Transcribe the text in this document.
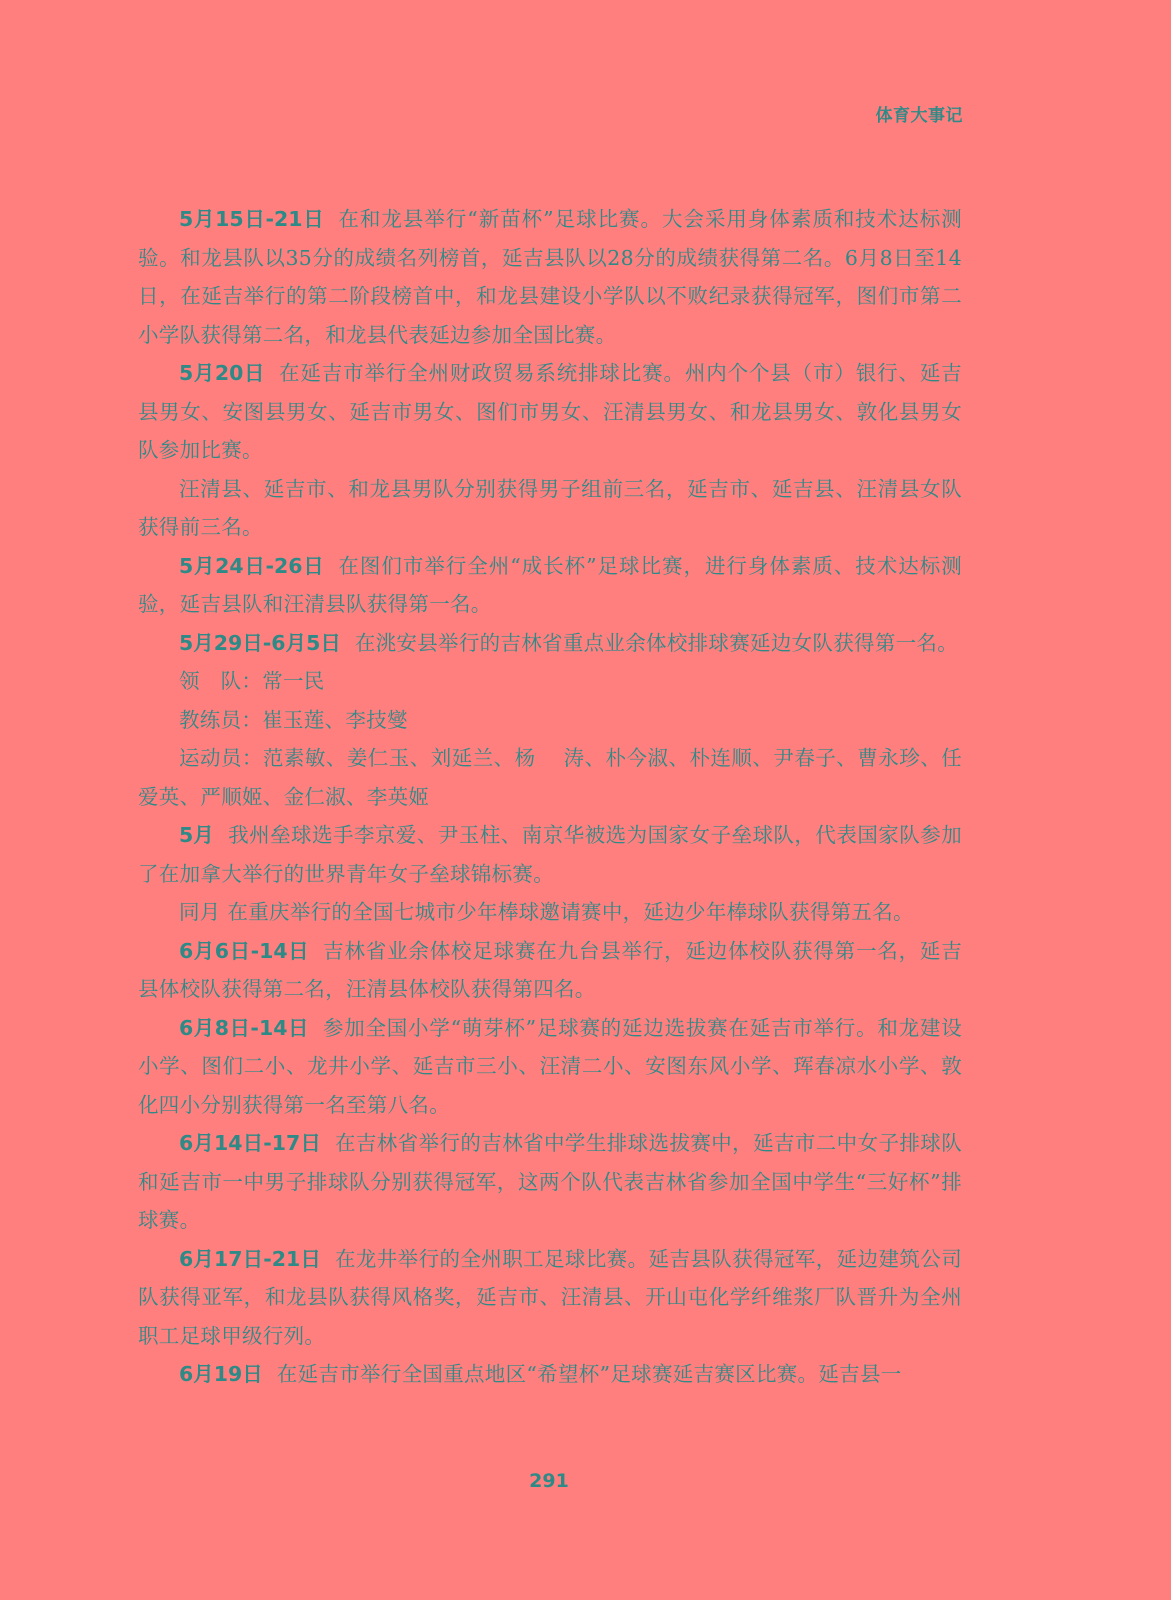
体育大事记

5月15日-21日 在和龙县举行“新苗杯”足球比赛。大会采用身体素质和技术达标测验。和龙县队以35分的成绩名列榜首，延吉县队以28分的成绩获得第二名。6月8日至14日，在延吉举行的第二阶段榜首中，和龙县建设小学队以不败纪录获得冠军，图们市第二小学队获得第二名，和龙县代表延边参加全国比赛。

5月20日 在延吉市举行全州财政贸易系统排球比赛。州内个个县（市）银行、延吉县男女、安图县男女、延吉市男女、图们市男女、汪清县男女、和龙县男女、敦化县男女队参加比赛。

汪清县、延吉市、和龙县男队分别获得男子组前三名，延吉市、延吉县、汪清县女队获得前三名。

5月24日-26日 在图们市举行全州“成长杯”足球比赛，进行身体素质、技术达标测验，延吉县队和汪清县队获得第一名。

5月29日-6月5日 在洮安县举行的吉林省重点业余体校排球赛延边女队获得第一名。

领　队：常一民

教练员：崔玉莲、李技燮

运动员：范素敏、姜仁玉、刘延兰、杨　 涛、朴今淑、朴连顺、尹春子、曹永珍、任爱英、严顺姬、金仁淑、李英姬

5月 我州垒球选手李京爱、尹玉柱、南京华被选为国家女子垒球队，代表国家队参加了在加拿大举行的世界青年女子垒球锦标赛。

同月 在重庆举行的全国七城市少年棒球邀请赛中，延边少年棒球队获得第五名。

6月6日-14日 吉林省业余体校足球赛在九台县举行，延边体校队获得第一名，延吉县体校队获得第二名，汪清县体校队获得第四名。

6月8日-14日 参加全国小学“萌芽杯”足球赛的延边选拔赛在延吉市举行。和龙建设小学、图们二小、龙井小学、延吉市三小、汪清二小、安图东风小学、珲春凉水小学、敦化四小分别获得第一名至第八名。

6月14日-17日 在吉林省举行的吉林省中学生排球选拔赛中，延吉市二中女子排球队和延吉市一中男子排球队分别获得冠军，这两个队代表吉林省参加全国中学生“三好杯”排球赛。

6月17日-21日 在龙井举行的全州职工足球比赛。延吉县队获得冠军，延边建筑公司队获得亚军，和龙县队获得风格奖，延吉市、汪清县、开山屯化学纤维浆厂队晋升为全州职工足球甲级行列。

6月19日 在延吉市举行全国重点地区“希望杯”足球赛延吉赛区比赛。延吉县一

291
